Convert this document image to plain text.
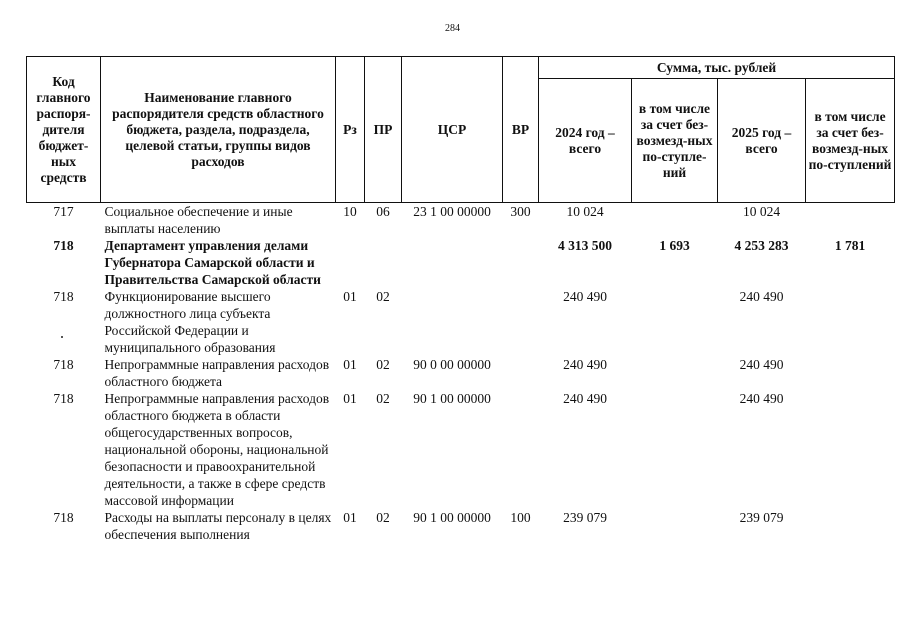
284
Код главного распоря-дителя бюджет-ных средств	Наименование главного распорядителя средств областного бюджета, раздела, подраздела, целевой статьи, группы видов расходов	Рз	ПР	ЦСР	ВР	Сумма, тыс. рублей			
						2024 год – всего	в том числе за счет без-возмезд-ных по-ступле-ний	2025 год – всего	в том числе за счет без-возмезд-ных по-ступлений
717	Социальное обеспечение и иные выплаты населению	10	06	23 1 00 00000	300	10 024		10 024	
718	Департамент управления делами Губернатора Самарской области и Правительства Самарской области					4 313 500	1 693	4 253 283	1 781
718	Функционирование высшего должностного лица субъекта Российской Федерации и муниципального образования	01	02			240 490		240 490	
718	Непрограммные направления расходов областного бюджета	01	02	90 0 00 00000		240 490		240 490	
718	Непрограммные направления расходов областного бюджета в области общегосударственных вопросов, национальной обороны, национальной безопасности и правоохранительной деятельности, а также в сфере средств массовой информации	01	02	90 1 00 00000		240 490		240 490	
718	Расходы на выплаты персоналу в целях обеспечения выполнения	01	02	90 1 00 00000	100	239 079		239 079	
